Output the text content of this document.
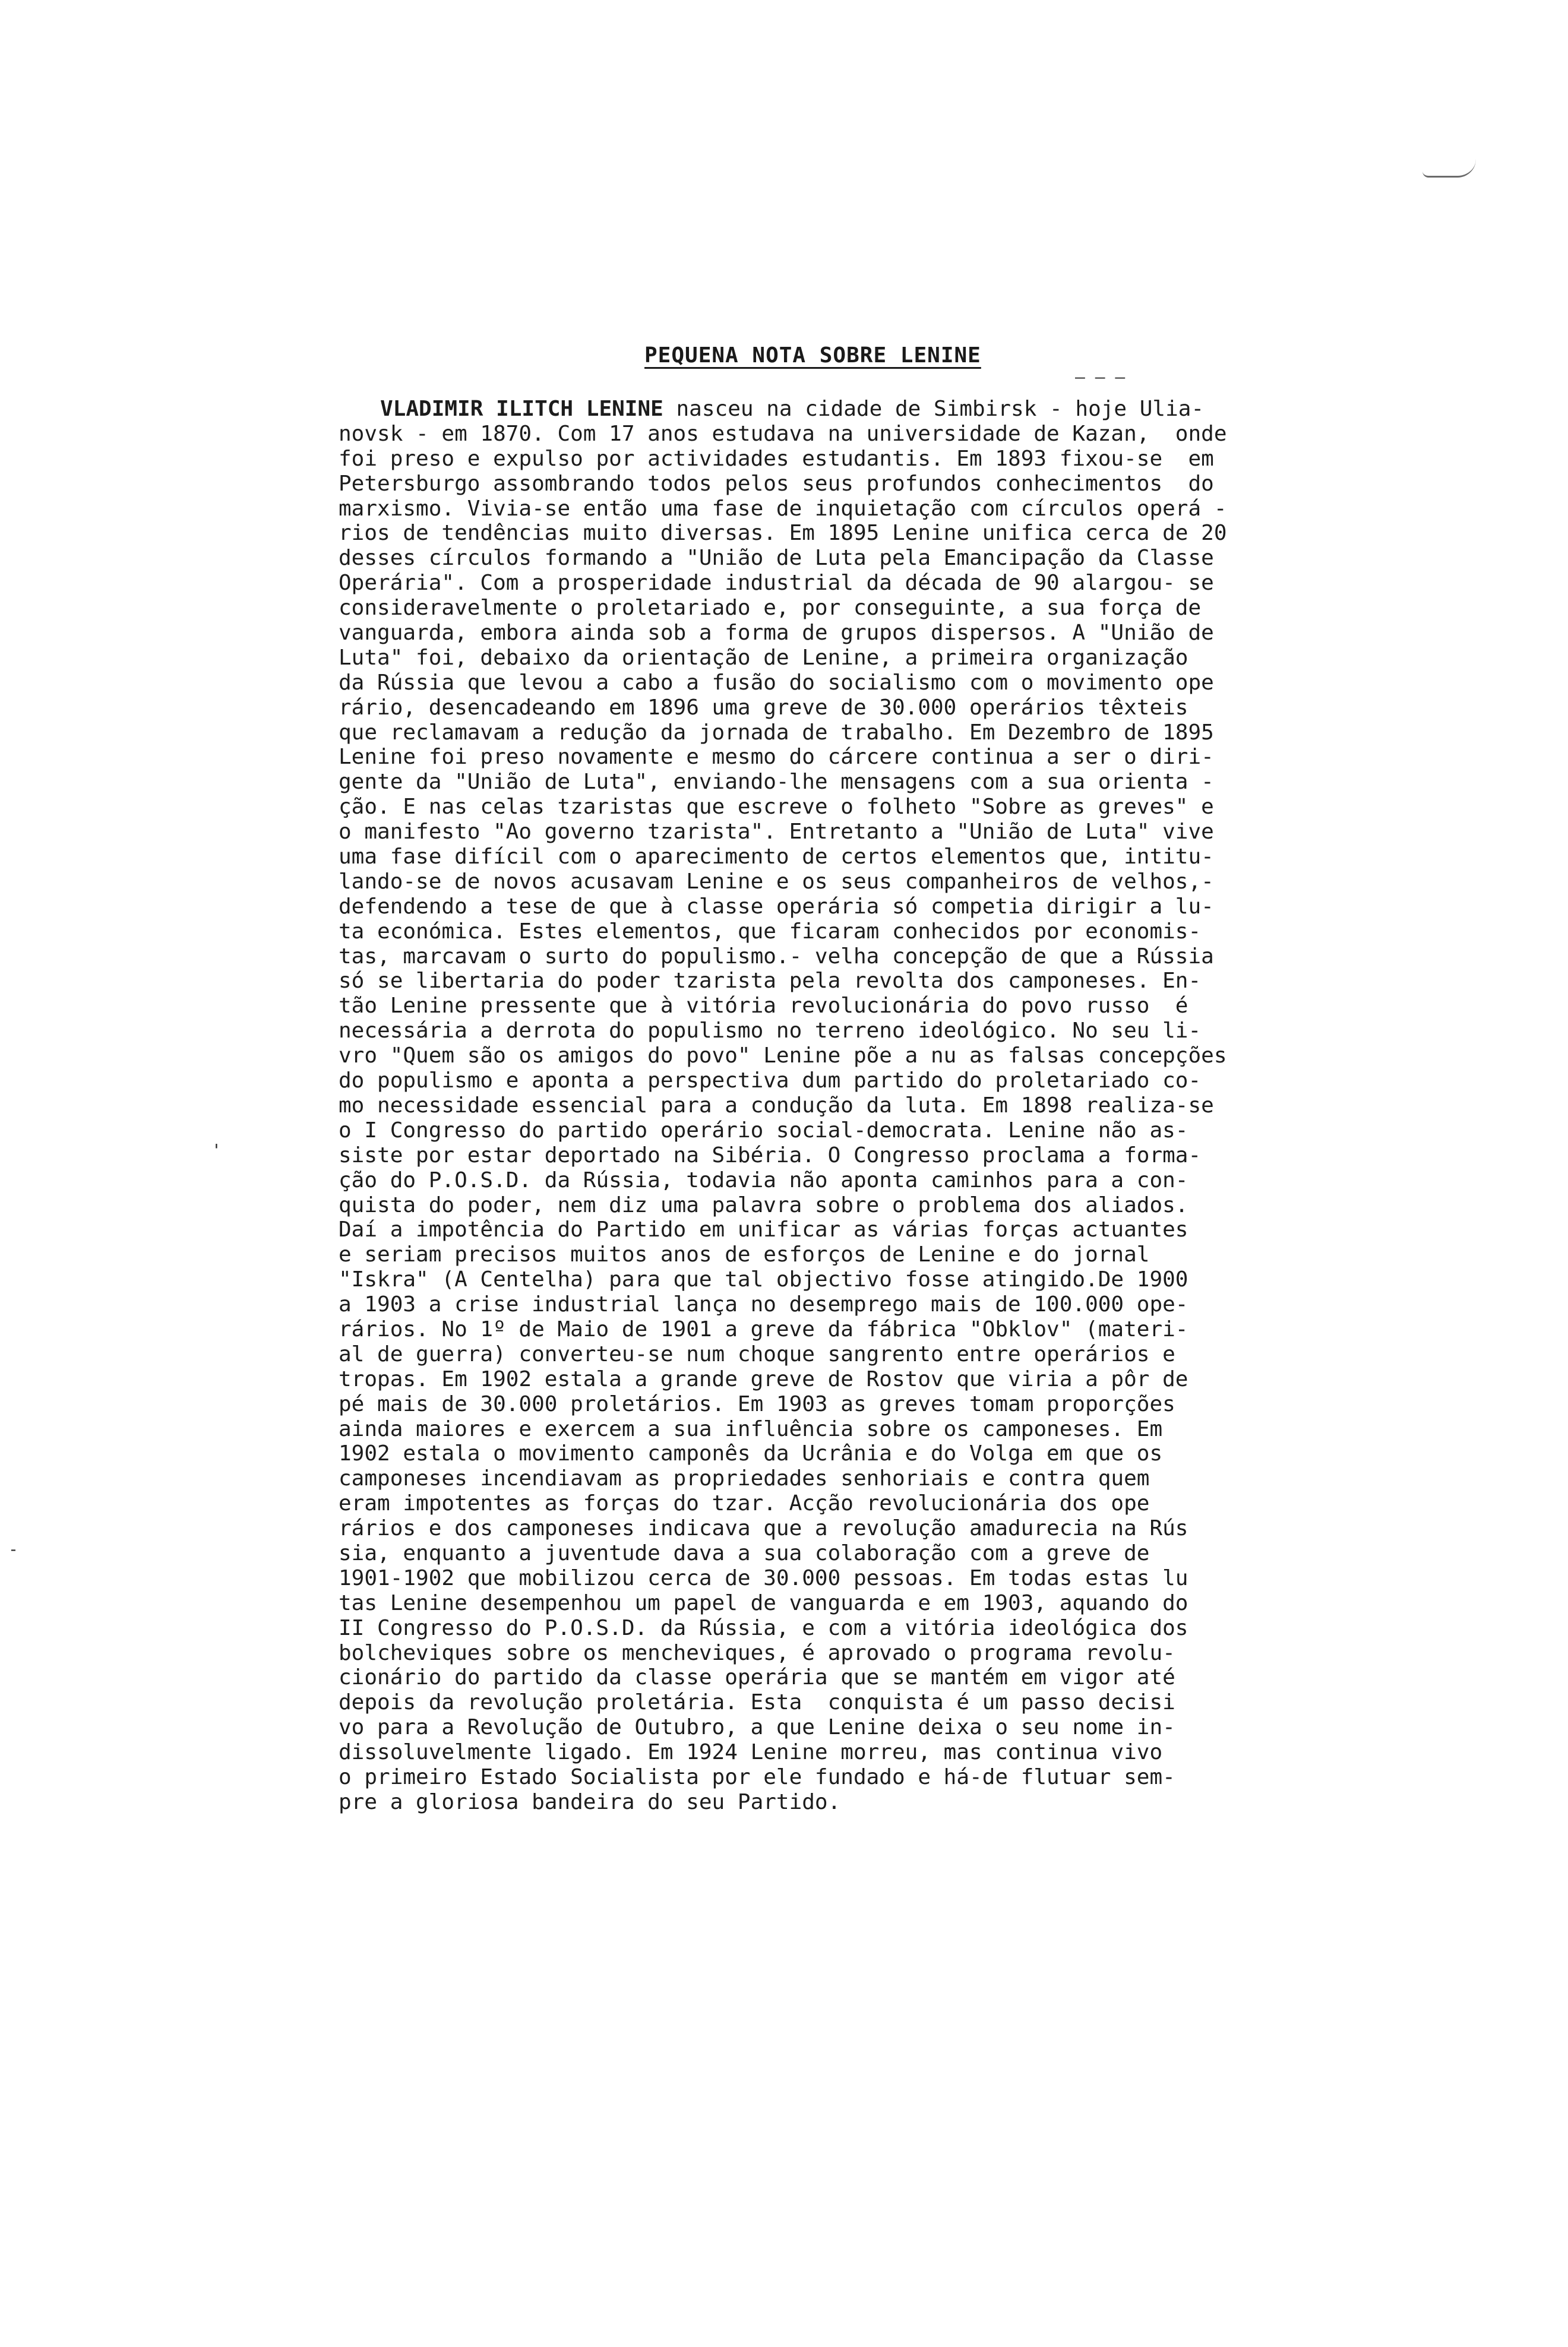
'
-
PEQUENA NOTA SOBRE LENINE
– – –
VLADIMIR ILITCH LENINE nasceu na cidade de Simbirsk - hoje Ulia-
novsk - em 1870. Com 17 anos estudava na universidade de Kazan,  onde
foi preso e expulso por actividades estudantis. Em 1893 fixou-se  em
Petersburgo assombrando todos pelos seus profundos conhecimentos  do
marxismo. Vivia-se então uma fase de inquietação com círculos operá -
rios de tendências muito diversas. Em 1895 Lenine unifica cerca de 20
desses círculos formando a "União de Luta pela Emancipação da Classe
Operária". Com a prosperidade industrial da década de 90 alargou- se
consideravelmente o proletariado e, por conseguinte, a sua força de
vanguarda, embora ainda sob a forma de grupos dispersos. A "União de
Luta" foi, debaixo da orientação de Lenine, a primeira organização
da Rússia que levou a cabo a fusão do socialismo com o movimento ope
rário, desencadeando em 1896 uma greve de 30.000 operários têxteis
que reclamavam a redução da jornada de trabalho. Em Dezembro de 1895
Lenine foi preso novamente e mesmo do cárcere continua a ser o diri-
gente da "União de Luta", enviando-lhe mensagens com a sua orienta -
ção. E nas celas tzaristas que escreve o folheto "Sobre as greves" e
o manifesto "Ao governo tzarista". Entretanto a "União de Luta" vive
uma fase difícil com o aparecimento de certos elementos que, intitu-
lando-se de novos acusavam Lenine e os seus companheiros de velhos,-
defendendo a tese de que à classe operária só competia dirigir a lu-
ta económica. Estes elementos, que ficaram conhecidos por economis-
tas, marcavam o surto do populismo.- velha concepção de que a Rússia
só se libertaria do poder tzarista pela revolta dos camponeses. En-
tão Lenine pressente que à vitória revolucionária do povo russo  é
necessária a derrota do populismo no terreno ideológico. No seu li-
vro "Quem são os amigos do povo" Lenine põe a nu as falsas concepções
do populismo e aponta a perspectiva dum partido do proletariado co-
mo necessidade essencial para a condução da luta. Em 1898 realiza-se
o I Congresso do partido operário social-democrata. Lenine não as-
siste por estar deportado na Sibéria. O Congresso proclama a forma-
ção do P.O.S.D. da Rússia, todavia não aponta caminhos para a con-
quista do poder, nem diz uma palavra sobre o problema dos aliados.
Daí a impotência do Partido em unificar as várias forças actuantes
e seriam precisos muitos anos de esforços de Lenine e do jornal
"Iskra" (A Centelha) para que tal objectivo fosse atingido.De 1900
a 1903 a crise industrial lança no desemprego mais de 100.000 ope-
rários. No 1º de Maio de 1901 a greve da fábrica "Obklov" (materi-
al de guerra) converteu-se num choque sangrento entre operários e
tropas. Em 1902 estala a grande greve de Rostov que viria a pôr de
pé mais de 30.000 proletários. Em 1903 as greves tomam proporções
ainda maiores e exercem a sua influência sobre os camponeses. Em
1902 estala o movimento camponês da Ucrânia e do Volga em que os
camponeses incendiavam as propriedades senhoriais e contra quem
eram impotentes as forças do tzar. Acção revolucionária dos ope
rários e dos camponeses indicava que a revolução amadurecia na Rús
sia, enquanto a juventude dava a sua colaboração com a greve de
1901-1902 que mobilizou cerca de 30.000 pessoas. Em todas estas lu
tas Lenine desempenhou um papel de vanguarda e em 1903, aquando do
II Congresso do P.O.S.D. da Rússia, e com a vitória ideológica dos
bolcheviques sobre os mencheviques, é aprovado o programa revolu-
cionário do partido da classe operária que se mantém em vigor até
depois da revolução proletária. Esta  conquista é um passo decisi
vo para a Revolução de Outubro, a que Lenine deixa o seu nome in-
dissoluvelmente ligado. Em 1924 Lenine morreu, mas continua vivo
o primeiro Estado Socialista por ele fundado e há-de flutuar sem-
pre a gloriosa bandeira do seu Partido.
